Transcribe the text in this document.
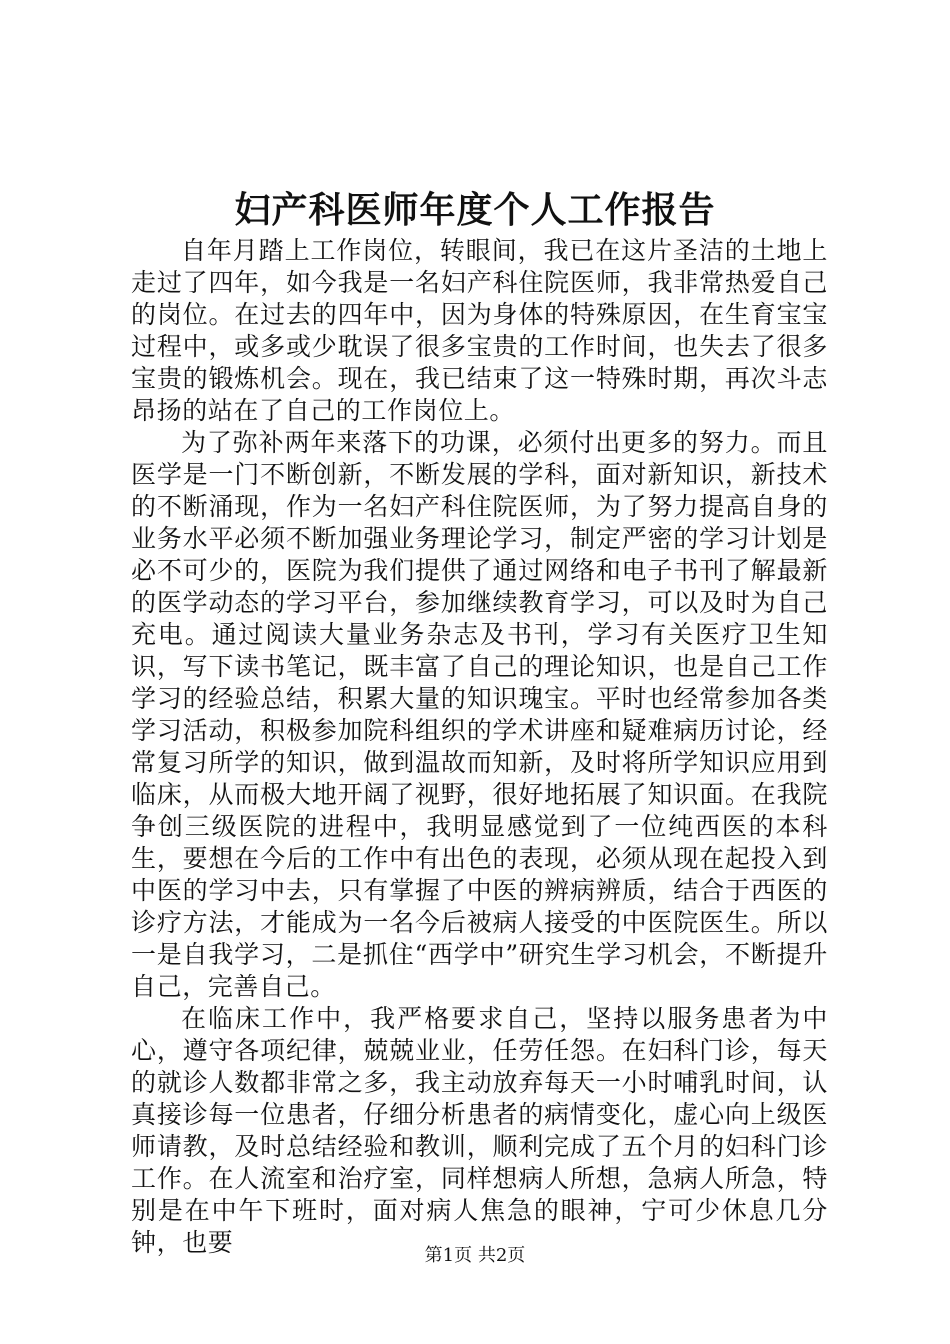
妇产科医师年度个人工作报告

自年月踏上工作岗位，转眼间，我已在这片圣洁的土地上走过了四年，如今我是一名妇产科住院医师，我非常热爱自己的岗位。在过去的四年中，因为身体的特殊原因，在生育宝宝过程中，或多或少耽误了很多宝贵的工作时间，也失去了很多宝贵的锻炼机会。现在，我已结束了这一特殊时期，再次斗志昂扬的站在了自己的工作岗位上。

为了弥补两年来落下的功课，必须付出更多的努力。而且医学是一门不断创新，不断发展的学科，面对新知识，新技术的不断涌现，作为一名妇产科住院医师，为了努力提高自身的业务水平必须不断加强业务理论学习，制定严密的学习计划是必不可少的，医院为我们提供了通过网络和电子书刊了解最新的医学动态的学习平台，参加继续教育学习，可以及时为自己充电。通过阅读大量业务杂志及书刊，学习有关医疗卫生知识，写下读书笔记，既丰富了自己的理论知识，也是自己工作学习的经验总结，积累大量的知识瑰宝。平时也经常参加各类学习活动，积极参加院科组织的学术讲座和疑难病历讨论，经常复习所学的知识，做到温故而知新，及时将所学知识应用到临床，从而极大地开阔了视野，很好地拓展了知识面。在我院争创三级医院的进程中，我明显感觉到了一位纯西医的本科生，要想在今后的工作中有出色的表现，必须从现在起投入到中医的学习中去，只有掌握了中医的辨病辨质，结合于西医的诊疗方法，才能成为一名今后被病人接受的中医院医生。所以一是自我学习，二是抓住“西学中”研究生学习机会，不断提升自己，完善自己。

在临床工作中，我严格要求自己，坚持以服务患者为中心，遵守各项纪律，兢兢业业，任劳任怨。在妇科门诊，每天的就诊人数都非常之多，我主动放弃每天一小时哺乳时间，认真接诊每一位患者，仔细分析患者的病情变化，虚心向上级医师请教，及时总结经验和教训，顺利完成了五个月的妇科门诊工作。在人流室和治疗室，同样想病人所想，急病人所急，特别是在中午下班时，面对病人焦急的眼神，宁可少休息几分钟，也要	第1页 共2页
